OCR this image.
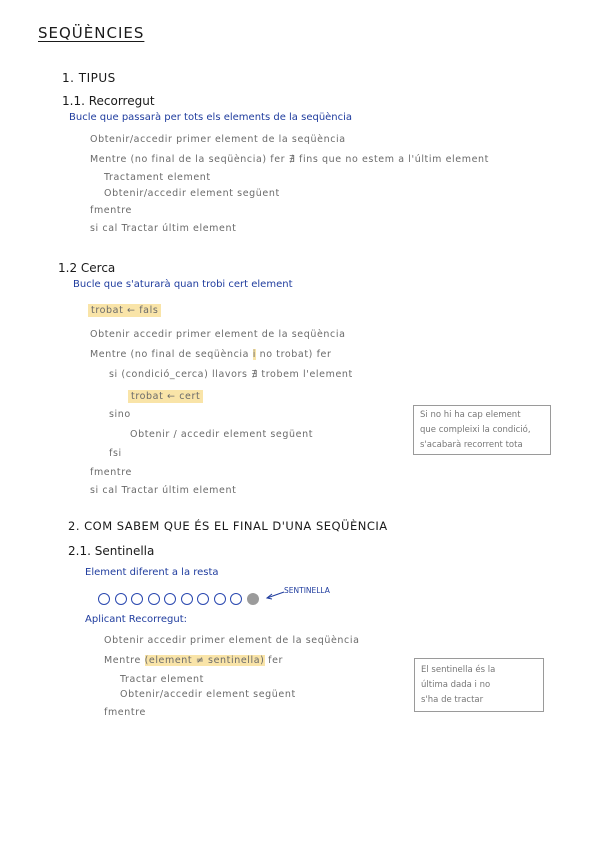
SEQÜÈNCIES
1. TIPUS
1.1. Recorregut
Bucle que passarà per tots els elements de la seqüència
Obtenir/accedir primer element de la seqüència
Mentre (no final de la seqüència) fer ∄ fins que no estem a l'últim element
Tractament element
Obtenir/accedir element següent
fmentre
si cal Tractar últim element
1.2 Cerca
Bucle que s'aturarà quan trobi cert element
trobat ← fals
Obtenir accedir primer element de la seqüència
Mentre (no final de seqüència i no trobat) fer
si (condició_cerca) llavors ∄ trobem l'element
trobat ← cert
sino
Obtenir / accedir element següent
fsi
fmentre
si cal Tractar últim element
Si no hi ha cap element
que compleixi la condició,
s'acabarà recorrent tota
2. COM SABEM QUE ÉS EL FINAL D'UNA SEQÜÈNCIA
2.1. Sentinella
Element diferent a la resta
SENTINELLA
Aplicant Recorregut:
Obtenir accedir primer element de la seqüència
Mentre (element ≠ sentinella) fer
Tractar element
Obtenir/accedir element següent
fmentre
El sentinella és la
última dada i no
s'ha de tractar
